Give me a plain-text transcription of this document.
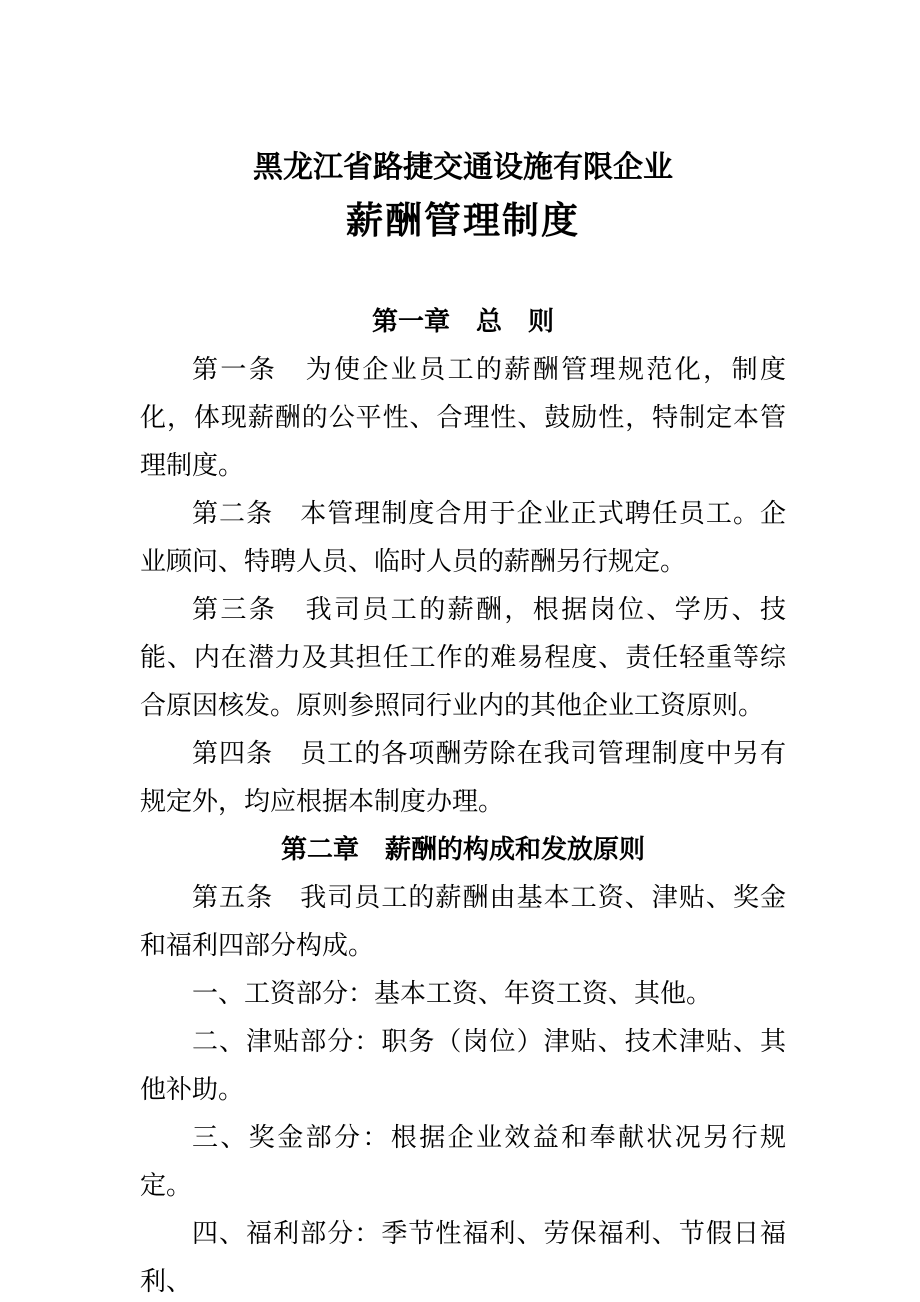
黑龙江省路捷交通设施有限企业
薪酬管理制度
第一章　总　则

第一条　为使企业员工的薪酬管理规范化，制度化，体现薪酬的公平性、合理性、鼓励性，特制定本管理制度。

第二条　本管理制度合用于企业正式聘任员工。企业顾问、特聘人员、临时人员的薪酬另行规定。

第三条　我司员工的薪酬，根据岗位、学历、技能、内在潜力及其担任工作的难易程度、责任轻重等综合原因核发。原则参照同行业内的其他企业工资原则。

第四条　员工的各项酬劳除在我司管理制度中另有规定外，均应根据本制度办理。

第二章　薪酬的构成和发放原则

第五条　我司员工的薪酬由基本工资、津贴、奖金和福利四部分构成。

一、工资部分：基本工资、年资工资、其他。

二、津贴部分：职务（岗位）津贴、技术津贴、其他补助。

三、奖金部分：根据企业效益和奉献状况另行规定。

四、福利部分：季节性福利、劳保福利、节假日福利、
